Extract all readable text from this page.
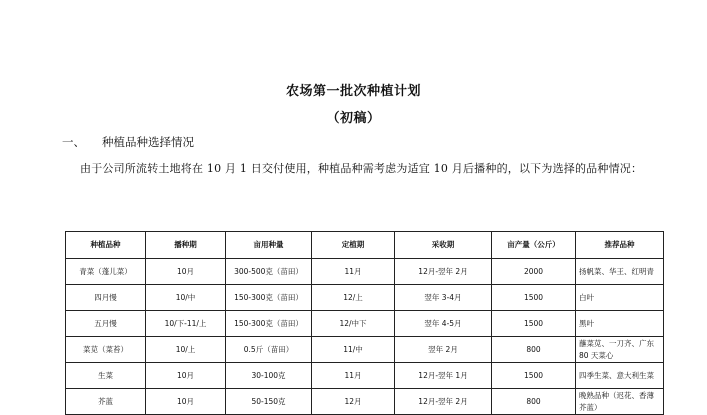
农场第一批次种植计划
（初稿）
一、 种植品种选择情况
由于公司所流转土地将在 10 月 1 日交付使用，种植品种需考虑为适宜 10 月后播种的，以下为选择的品种情况：
种植品种	播种期	亩用种量	定植期	采收期	亩产量（公斤）	推荐品种
青菜（蓬儿菜）	10月	300-500克（苗田）	11月	12月-翌年 2月	2000	扬帆菜、华王、红明青
四月慢	10/中	150-300克（苗田）	12/上	翌年 3-4月	1500	白叶
五月慢	10/下-11/上	150-300克（苗田）	12/中下	翌年 4-5月	1500	黑叶
菜苋（菜苔）	10/上	0.5斤（苗田）	11/中	翌年 2月	800	蘸菜苋、一刀齐、广东 80 天菜心
生菜	10月	30-100克	11月	12月-翌年 1月	1500	四季生菜、意大利生菜
芥蓝	10月	50-150克	12月	12月-翌年 2月	800	晚熟品种（迟花、香薄芥蓝）
